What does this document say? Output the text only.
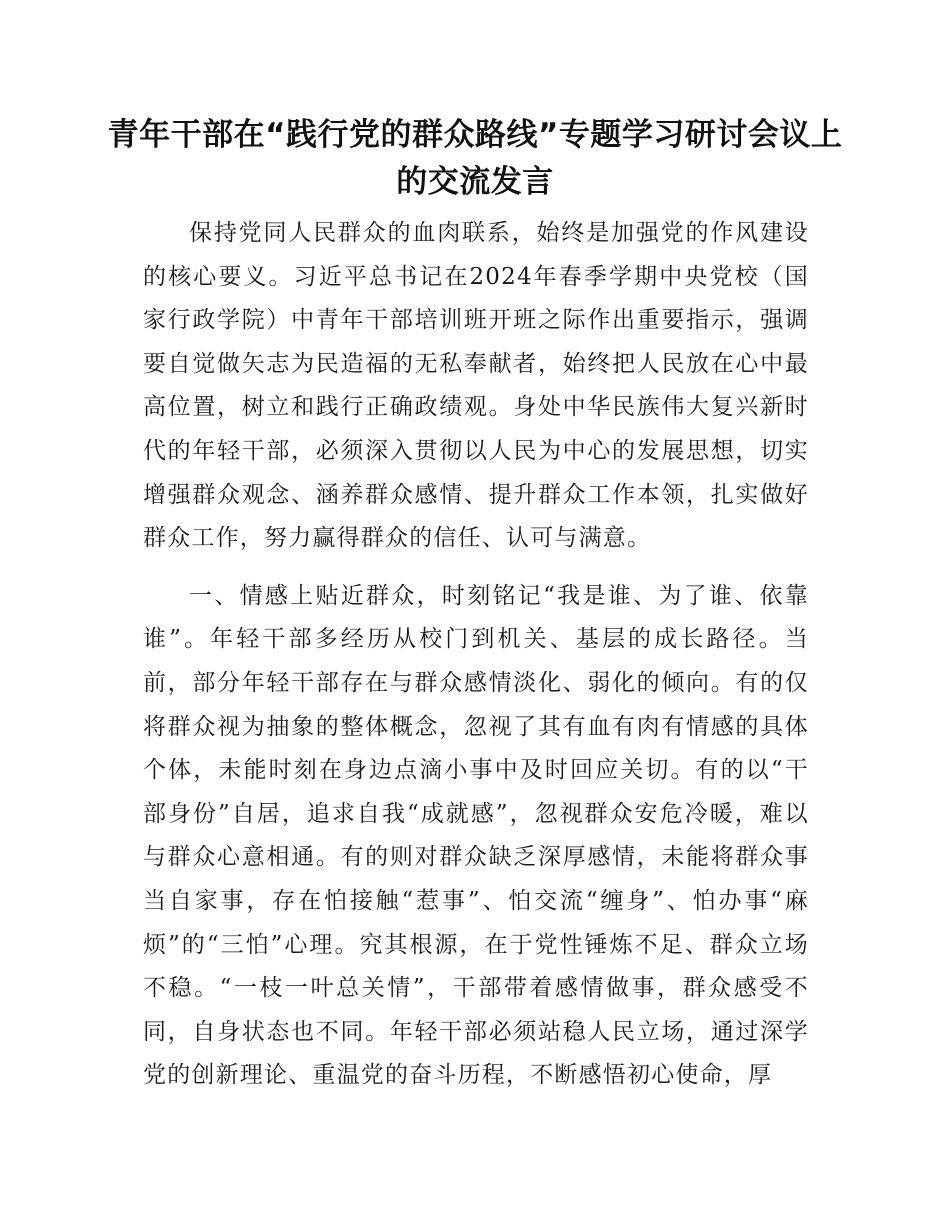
青年干部在“践行党的群众路线”专题学习研讨会议上的交流发言

保持党同人民群众的血肉联系，始终是加强党的作风建设的核心要义。习近平总书记在2024年春季学期中央党校（国家行政学院）中青年干部培训班开班之际作出重要指示，强调要自觉做矢志为民造福的无私奉献者，始终把人民放在心中最高位置，树立和践行正确政绩观。身处中华民族伟大复兴新时代的年轻干部，必须深入贯彻以人民为中心的发展思想，切实增强群众观念、涵养群众感情、提升群众工作本领，扎实做好群众工作，努力赢得群众的信任、认可与满意。

一、情感上贴近群众，时刻铭记“我是谁、为了谁、依靠谁”。年轻干部多经历从校门到机关、基层的成长路径。当前，部分年轻干部存在与群众感情淡化、弱化的倾向。有的仅将群众视为抽象的整体概念，忽视了其有血有肉有情感的具体个体，未能时刻在身边点滴小事中及时回应关切。有的以“干部身份”自居，追求自我“成就感”，忽视群众安危冷暖，难以与群众心意相通。有的则对群众缺乏深厚感情，未能将群众事当自家事，存在怕接触“惹事”、怕交流“缠身”、怕办事“麻烦”的“三怕”心理。究其根源，在于党性锤炼不足、群众立场不稳。“一枝一叶总关情”，干部带着感情做事，群众感受不同，自身状态也不同。年轻干部必须站稳人民立场，通过深学党的创新理论、重温党的奋斗历程，不断感悟初心使命，厚
